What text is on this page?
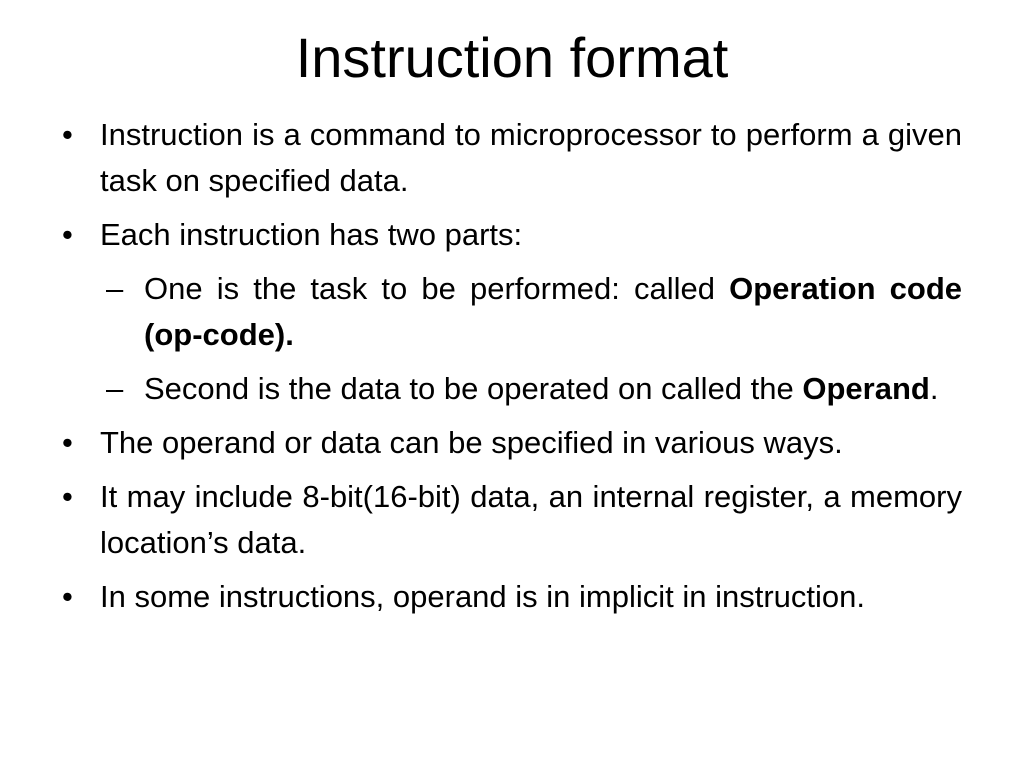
Instruction format
• Instruction is a command to microprocessor to perform a given task on specified data.
• Each instruction has two parts:
– One is the task to be performed: called Operation code (op-code).
– Second is the data to be operated on called the Operand.
• The operand or data can be specified in various ways.
• It may include 8-bit(16-bit) data, an internal register, a memory location’s data.
• In some instructions, operand is in implicit in instruction.
